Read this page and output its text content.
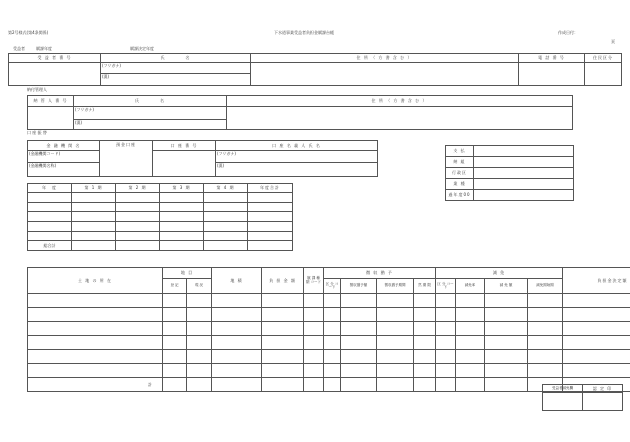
第2号様式(第4条関係)	下水道事業受益者負担金賦課台帳	作成日付：
頁
受益者	賦課年度	賦課決定年度
受 益 者 番 号	氏　　　　名	住 所 （ 方 書 含 む ）	電 話 番 号	住民区分
	(フリガナ)			
	(漢)			
納付管理人
納 管 人 番 号	氏　　　　名	住 所 （ 方 書 含 む ）
	(フリガナ)	
	(漢)	
口 座 振 替
金 融 機 関 名	預金口座	口 座 番 号	口 座 名 義 人 氏 名
(金融機関コード)			(フリガナ)
(金融機関名称)			(漢)
支 払	
納 組	
行政区	
業 種	
過年度00	
年　度	第 1 期	第 2 期	第 3 期	第 4 期	年度合計

総合計					
土 地 の 所 在	地 目		地 積	負 担 金 額	賦 課 種 類 コード	徴 収 猶 予				減 免				負担金決定額
	登 記	現 況				区 分 コード	徴収猶予額	徴収猶予期間	然 期 限	区 分 コード	減免率	減 免 額	減免期始期	

計														
受益者減免欄	認 定 印
